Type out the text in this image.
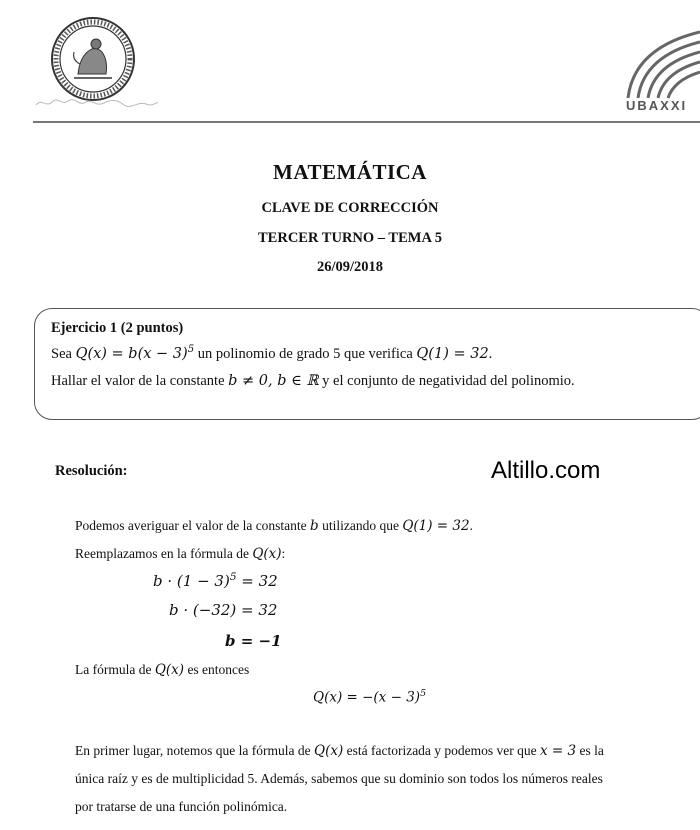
UBAXXI
MATEMÁTICA
CLAVE DE CORRECCIÓN
TERCER TURNO – TEMA 5
26/09/2018
Ejercicio 1 (2 puntos)
Sea $Q(x) = b(x - 3)^5$ un polinomio de grado 5 que verifica Q(1) = 32.
Hallar el valor de la constante b ≠ 0, b ∈ ℝ y el conjunto de negatividad del polinomio.
Resolución:	Altillo.com
Podemos averiguar el valor de la constante b utilizando que Q(1) = 32.
Reemplazamos en la fórmula de Q(x):
$b \cdot (1 - 3)^5 = 32$
b · (−32) = 32
b = −1
La fórmula de Q(x) es entonces
$Q(x) = -(x - 3)^5$
En primer lugar, notemos que la fórmula de Q(x) está factorizada y podemos ver que x = 3 es la
única raíz y es de multiplicidad 5. Además, sabemos que su dominio son todos los números reales
por tratarse de una función polinómica.
